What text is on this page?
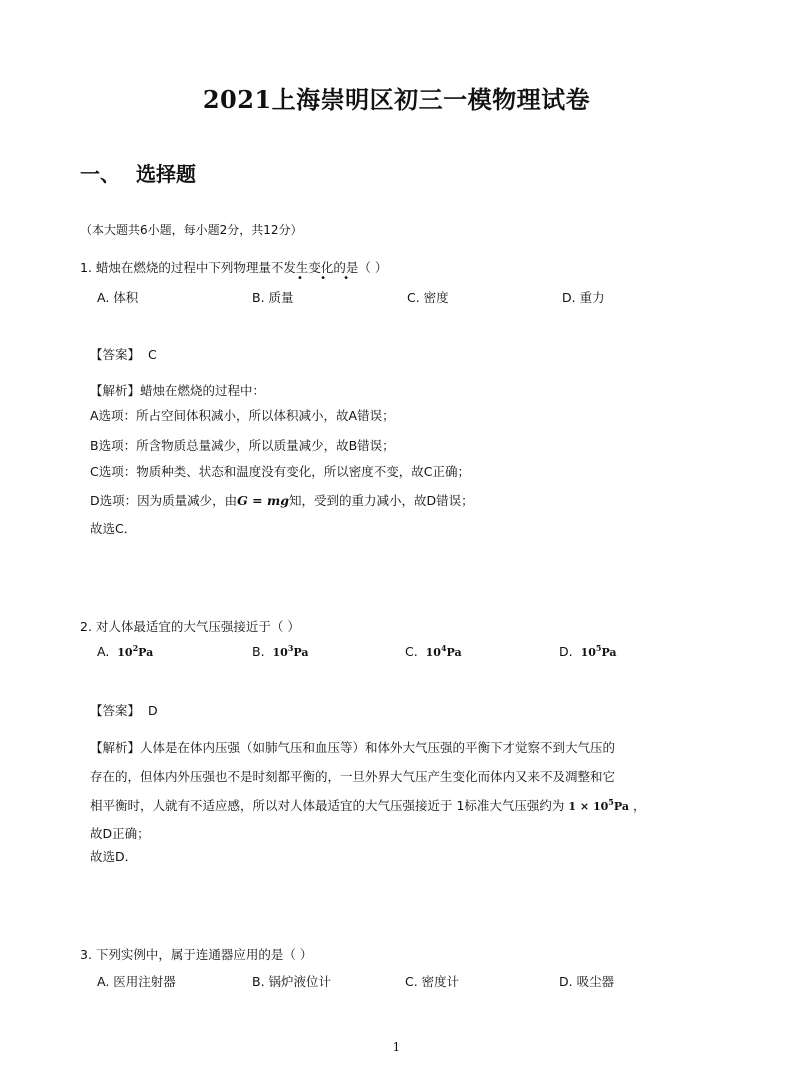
2021上海崇明区初三一模物理试卷
一、 选择题
（本大题共6小题，每小题2分，共12分）
1. 蜡烛在燃烧的过程中下列物理量不发生变化的是（ ）
• • •
A. 体积	B. 质量	C. 密度	D. 重力
【答案】 C
【解析】蜡烛在燃烧的过程中：
A选项：所占空间体积减小，所以体积减小，故A错误；
B选项：所含物质总量减少，所以质量减少，故B错误；
C选项：物质种类、状态和温度没有变化，所以密度不变，故C正确；
D选项：因为质量减少，由G = mg知，受到的重力减小，故D错误；
故选C．
2. 对人体最适宜的大气压强接近于（ ）
A. $10^2Pa$	B. $10^3Pa$	C. $10^4Pa$	D. $10^5Pa$
【答案】 D
【解析】人体是在体内压强（如肺气压和血压等）和体外大气压强的平衡下才觉察不到大气压的
存在的，但体内外压强也不是时刻都平衡的，一旦外界大气压产生变化而体内又来不及凋整和它
相平衡时，人就有不适应感，所以对人体最适宜的大气压强接近于 1标准大气压强约为 $1 \times 10^5Pa$ ，
故D正确；
故选D．
3. 下列实例中，属于连通器应用的是（ ）
A. 医用注射器	B. 锅炉液位计	C. 密度计	D. 吸尘器
1
